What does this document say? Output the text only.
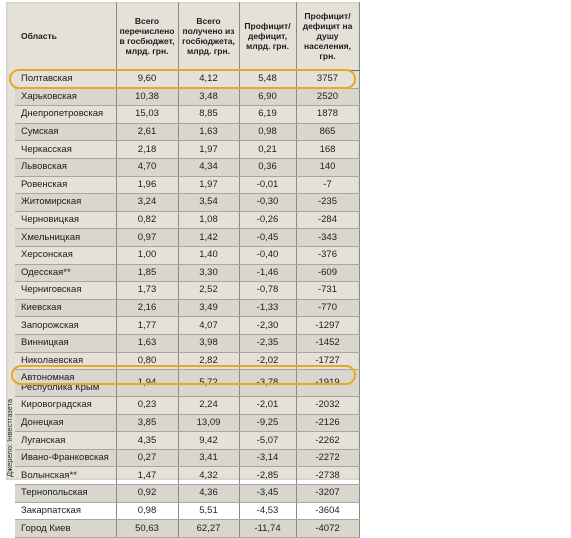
Джерело: Інвестгазета
Область	Всего перечислено в госбюджет, млрд. грн.	Всего получено из госбюджета, млрд. грн.	Профицит/ дефицит, млрд. грн.	Профицит/ дефицит на душу населения, грн.
Полтавская	9,60	4,12	5,48	3757
Харьковская	10,38	3,48	6,90	2520
Днепропетровская	15,03	8,85	6,19	1878
Сумская	2,61	1,63	0,98	865
Черкасская	2,18	1,97	0,21	168
Львовская	4,70	4,34	0,36	140
Ровенская	1,96	1,97	-0,01	-7
Житомирская	3,24	3,54	-0,30	-235
Черновицкая	0,82	1,08	-0,26	-284
Хмельницкая	0,97	1,42	-0,45	-343
Херсонская	1,00	1,40	-0,40	-376
Одесская**	1,85	3,30	-1,46	-609
Черниговская	1,73	2,52	-0,78	-731
Киевская	2,16	3,49	-1,33	-770
Запорожская	1,77	4,07	-2,30	-1297
Винницкая	1,63	3,98	-2,35	-1452
Николаевская	0,80	2,82	-2,02	-1727
Автономная Республика Крым	1,94	5,72	-3,78	-1919
Кировоградская	0,23	2,24	-2,01	-2032
Донецкая	3,85	13,09	-9,25	-2126
Луганская	4,35	9,42	-5,07	-2262
Ивано-Франковская	0,27	3,41	-3,14	-2272
Волынская**	1,47	4,32	-2,85	-2738
Тернопольская	0,92	4,36	-3,45	-3207
Закарпатская	0,98	5,51	-4,53	-3604
Город Киев	50,63	62,27	-11,74	-4072
